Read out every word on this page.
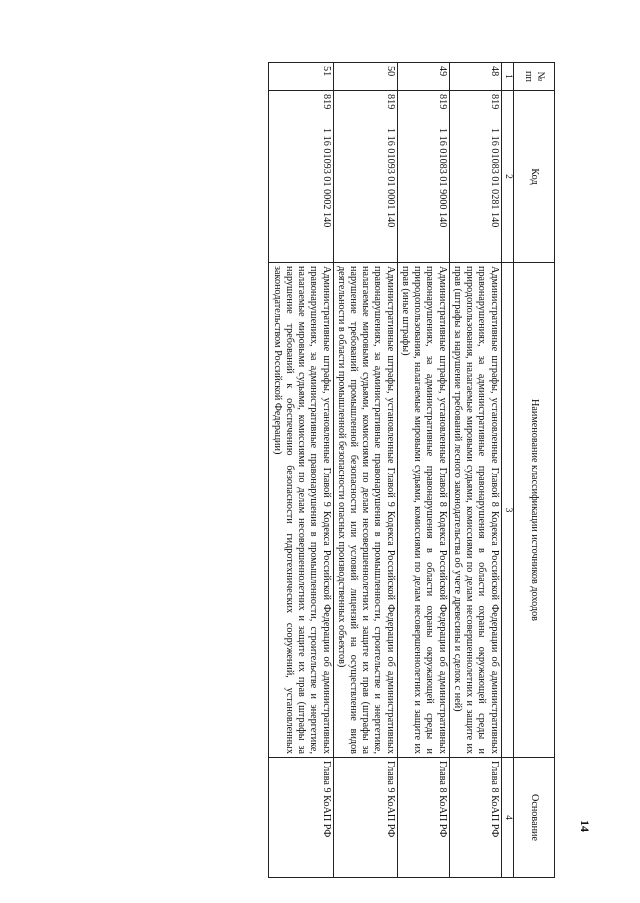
14
№ пп	Код	Наименование классификации источников доходов	Основание
1	2	3	4
48	8191 16 01083 01 0281 140	Административные штрафы, установленные Главой 8 Кодекса Российской Федерации об административных правонарушениях, за административные правонарушения в области охраны окружающей среды и природопользования, налагаемые мировыми судьями, комиссиями по делам несовершеннолетних и защите их прав (штрафы за нарушение требований лесного законодательства об учете древесины и сделок с ней)	Глава 8 КоАП РФ
49	8191 16 01083 01 9000 140	Административные штрафы, установленные Главой 8 Кодекса Российской Федерации об административных правонарушениях, за административные правонарушения в области охраны окружающей среды и природопользования, налагаемые мировыми судьями, комиссиями по делам несовершеннолетних и защите их прав (иные штрафы)	Глава 8 КоАП РФ
50	8191 16 01093 01 0001 140	Административные штрафы, установленные Главой 9 Кодекса Российской Федерации об административных правонарушениях, за административные правонарушения в промышленности, строительстве и энергетике, налагаемые мировыми судьями, комиссиями по делам несовершеннолетних и защите их прав (штрафы за нарушение требований промышленной безопасности или условий лицензий на осуществление видов деятельности в области промышленной безопасности опасных производственных объектов)	Глава 9 КоАП РФ
51	8191 16 01093 01 0002 140	Административные штрафы, установленные Главой 9 Кодекса Российской Федерации об административных правонарушениях, за административные правонарушения в промышленности, строительстве и энергетике, налагаемые мировыми судьями, комиссиями по делам несовершеннолетних и защите их прав (штрафы за нарушение требований к обеспечению безопасности гидротехнических сооружений, установленных законодательством Российской Федерации)	Глава 9 КоАП РФ
